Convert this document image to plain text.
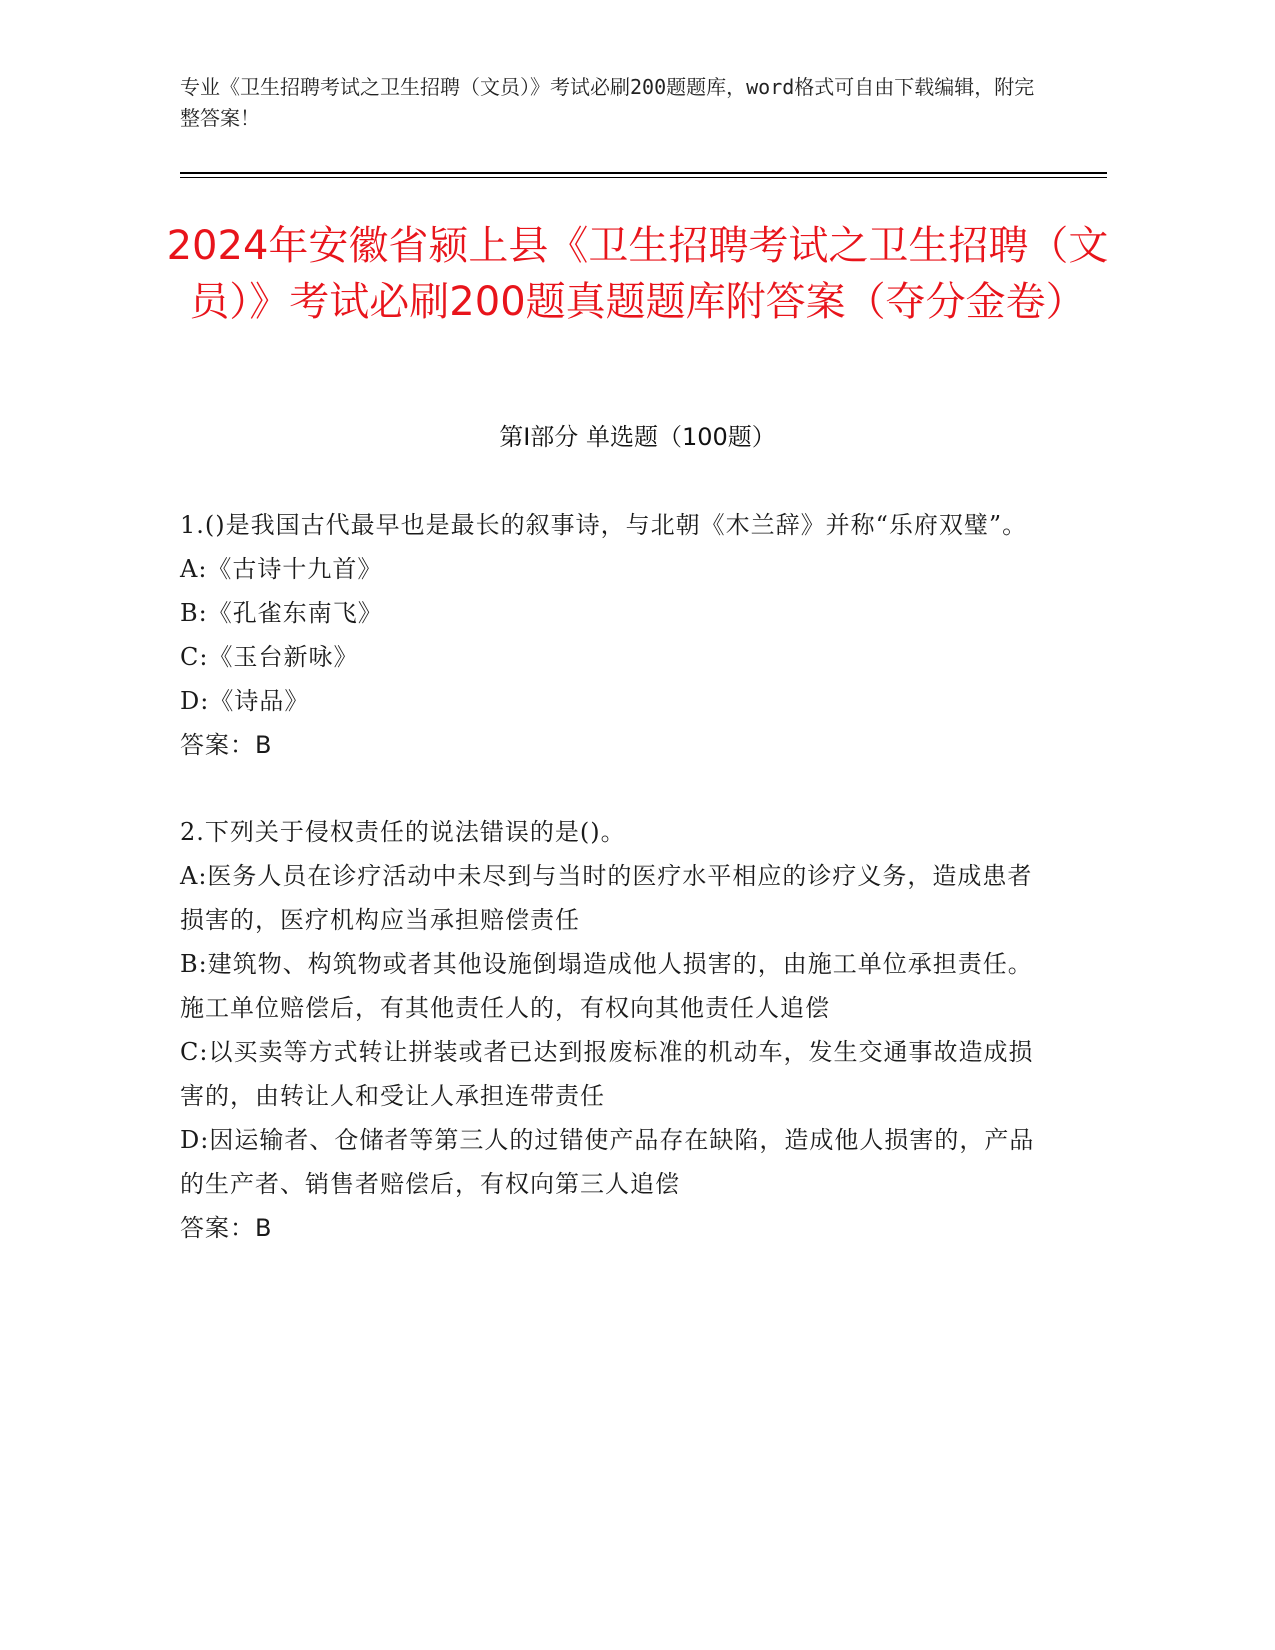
专业《卫生招聘考试之卫生招聘（文员）》考试必刷200题题库，word格式可自由下载编辑，附完整答案！
2024年安徽省颍上县《卫生招聘考试之卫生招聘（文员）》考试必刷200题真题题库附答案（夺分金卷）
第Ⅰ部分 单选题（100题）

1.()是我国古代最早也是最长的叙事诗，与北朝《木兰辞》并称“乐府双璧”。

A:《古诗十九首》

B:《孔雀东南飞》

C:《玉台新咏》

D:《诗品》

答案：B

2.下列关于侵权责任的说法错误的是()。

A:医务人员在诊疗活动中未尽到与当时的医疗水平相应的诊疗义务，造成患者损害的，医疗机构应当承担赔偿责任

B:建筑物、构筑物或者其他设施倒塌造成他人损害的，由施工单位承担责任。施工单位赔偿后，有其他责任人的，有权向其他责任人追偿

C:以买卖等方式转让拼装或者已达到报废标准的机动车，发生交通事故造成损害的，由转让人和受让人承担连带责任

D:因运输者、仓储者等第三人的过错使产品存在缺陷，造成他人损害的，产品的生产者、销售者赔偿后，有权向第三人追偿

答案：B
